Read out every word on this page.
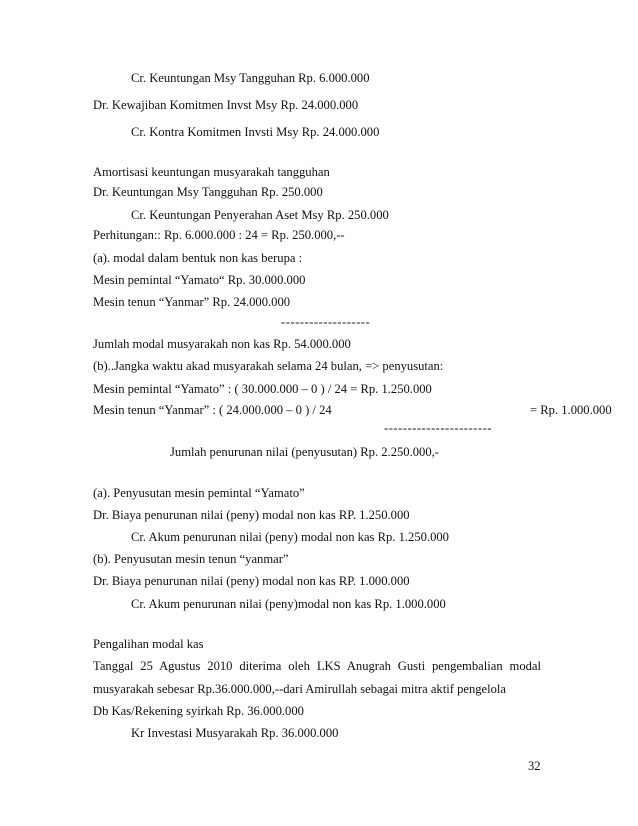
Cr. Keuntungan Msy Tangguhan Rp. 6.000.000
Dr. Kewajiban Komitmen Invst Msy Rp. 24.000.000
Cr. Kontra Komitmen Invsti Msy Rp. 24.000.000
Amortisasi keuntungan musyarakah tangguhan
Dr. Keuntungan Msy Tangguhan Rp. 250.000
Cr. Keuntungan Penyerahan Aset Msy Rp. 250.000
Perhitungan:: Rp. 6.000.000 : 24 = Rp. 250.000,--
(a). modal dalam bentuk non kas berupa :
Mesin pemintal “Yamato“ Rp. 30.000.000
Mesin tenun “Yanmar” Rp. 24.000.000
-------------------
Jumlah modal musyarakah non kas Rp. 54.000.000
(b)..Jangka waktu akad musyarakah selama 24 bulan, => penyusutan:
Mesin pemintal “Yamato” : ( 30.000.000 – 0 ) / 24 = Rp. 1.250.000
Mesin tenun “Yanmar” : ( 24.000.000 – 0 ) / 24	= Rp. 1.000.000
-----------------------
Jumlah penurunan nilai (penyusutan) Rp. 2.250.000,-
(a). Penyusutan mesin pemintal “Yamato”
Dr. Biaya penurunan nilai (peny) modal non kas RP. 1.250.000
Cr. Akum penurunan nilai (peny) modal non kas Rp. 1.250.000
(b). Penyusutan mesin tenun “yanmar”
Dr. Biaya penurunan nilai (peny) modal non kas RP. 1.000.000
Cr. Akum penurunan nilai (peny)modal non kas Rp. 1.000.000
Pengalihan modal kas
Tanggal 25 Agustus 2010 diterima oleh LKS Anugrah Gusti pengembalian modal
musyarakah sebesar Rp.36.000.000,--dari Amirullah sebagai mitra aktif pengelola
Db Kas/Rekening syirkah Rp. 36.000.000
Kr Investasi Musyarakah Rp. 36.000.000
32
